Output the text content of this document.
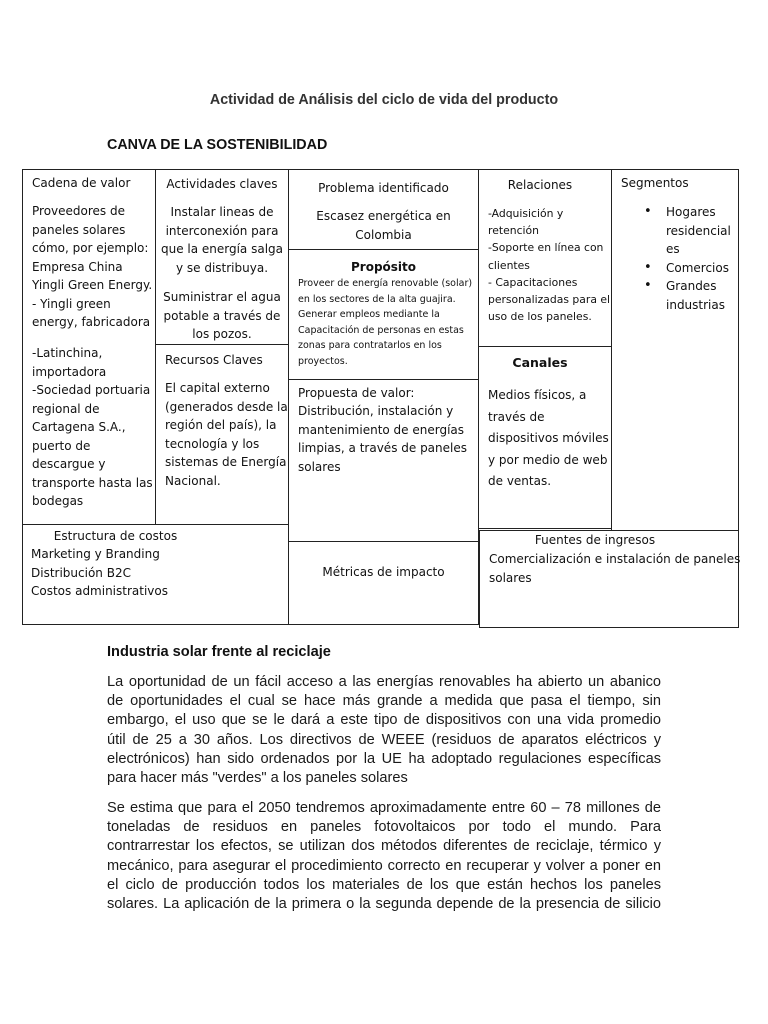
Actividad de Análisis del ciclo de vida del producto
CANVA DE LA SOSTENIBILIDAD
Cadena de valor
Proveedores de
paneles solares
cómo, por ejemplo:
Empresa China
Yingli Green Energy.
- Yingli green
energy, fabricadora
-Latinchina,
importadora
-Sociedad portuaria
regional de
Cartagena S.A.,
puerto de
descargue y
transporte hasta las
bodegas
Actividades claves
Instalar lineas de
interconexión para
que la energía salga
y se distribuya.
Suministrar el agua
potable a través de
los pozos.
Recursos Claves
El capital externo
(generados desde la
región del país), la
tecnología y los
sistemas de Energía
Nacional.
Problema identificado
Escasez energética en
Colombia
Propósito
Proveer de energía renovable (solar)
en los sectores de la alta guajira.
Generar empleos mediante la
Capacitación de personas en estas
zonas para contratarlos en los
proyectos.
Propuesta de valor:
Distribución, instalación y
mantenimiento de energías
limpias, a través de paneles
solares
Métricas de impacto
Relaciones
-Adquisición y
retención
-Soporte en línea con
clientes
- Capacitaciones
personalizadas para el
uso de los paneles.
Canales
Medios físicos, a
través de
dispositivos móviles
y por medio de web
de ventas.
Segmentos
• Hogares
residencial
es
• Comercios
• Grandes
industrias
Estructura de costos
Marketing y Branding
Distribución B2C
Costos administrativos
Fuentes de ingresos
Comercialización e instalación de paneles
solares
Industria solar frente al reciclaje
La oportunidad de un fácil acceso a las energías renovables ha abierto un abanico
de oportunidades el cual se hace más grande a medida que pasa el tiempo, sin
embargo, el uso que se le dará a este tipo de dispositivos con una vida promedio
útil de 25 a 30 años. Los directivos de WEEE (residuos de aparatos eléctricos y
electrónicos) han sido ordenados por la UE ha adoptado regulaciones específicas
para hacer más "verdes" a los paneles solares
Se estima que para el 2050 tendremos aproximadamente entre 60 – 78 millones de
toneladas de residuos en paneles fotovoltaicos por todo el mundo. Para
contrarrestar los efectos, se utilizan dos métodos diferentes de reciclaje, térmico y
mecánico, para asegurar el procedimiento correcto en recuperar y volver a poner en
el ciclo de producción todos los materiales de los que están hechos los paneles
solares. La aplicación de la primera o la segunda depende de la presencia de silicio
